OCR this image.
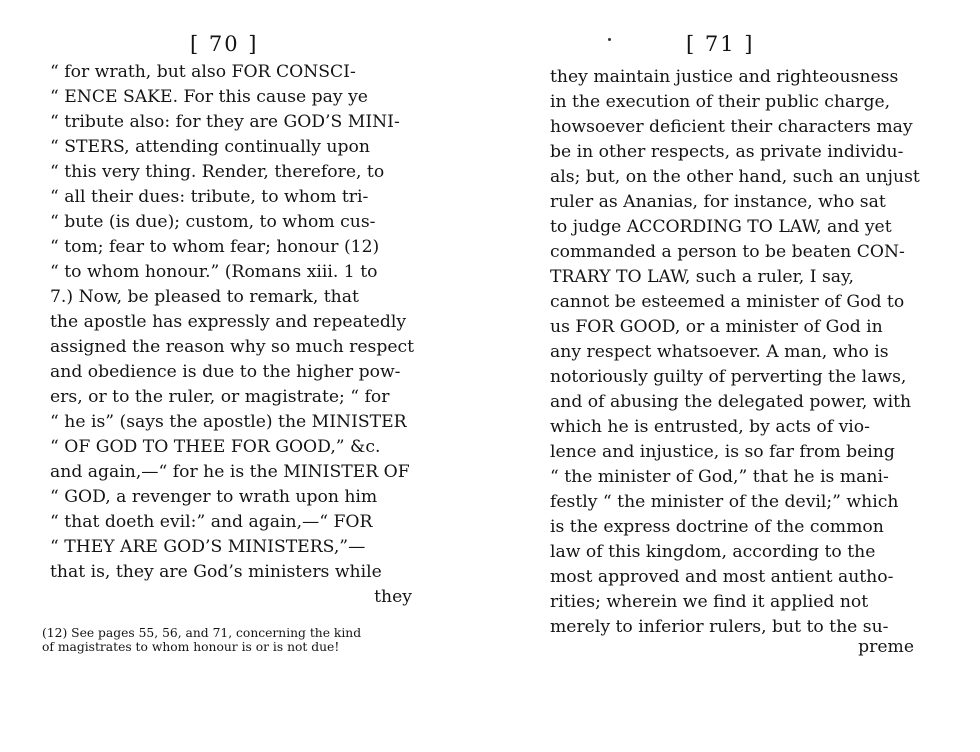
[ 70 ]
“ for wrath, but also FOR CONSCI-
“ ENCE SAKE. For this cause pay ye
“ tribute also: for they are GOD’S MINI-
“ STERS, attending continually upon
“ this very thing. Render, therefore, to
“ all their dues: tribute, to whom tri-
“ bute (is due); custom, to whom cus-
“ tom; fear to whom fear; honour (12)
“ to whom honour.” (Romans xiii. 1 to
7.) Now, be pleased to remark, that
the apostle has expressly and repeatedly
assigned the reason why so much respect
and obedience is due to the higher pow-
ers, or to the ruler, or magistrate; “ for
“ he is” (says the apostle) the MINISTER
“ OF GOD TO THEE FOR GOOD,” &c.
and again,—“ for he is the MINISTER OF
“ GOD, a revenger to wrath upon him
“ that doeth evil:” and again,—“ FOR
“ THEY ARE GOD’S MINISTERS,”—
that is, they are God’s ministers while
they
(12) See pages 55, 56, and 71, concerning the kind
of magistrates to whom honour is or is not due!
[ 71 ]
they maintain justice and righteousness
in the execution of their public charge,
howsoever deficient their characters may
be in other respects, as private individu-
als; but, on the other hand, such an unjust
ruler as Ananias, for instance, who sat
to judge ACCORDING TO LAW, and yet
commanded a person to be beaten CON-
TRARY TO LAW, such a ruler, I say,
cannot be esteemed a minister of God to
us FOR GOOD, or a minister of God in
any respect whatsoever. A man, who is
notoriously guilty of perverting the laws,
and of abusing the delegated power, with
which he is entrusted, by acts of vio-
lence and injustice, is so far from being
“ the minister of God,” that he is mani-
festly “ the minister of the devil;” which
is the express doctrine of the common
law of this kingdom, according to the
most approved and most antient autho-
rities; wherein we find it applied not
merely to inferior rulers, but to the su-
preme
